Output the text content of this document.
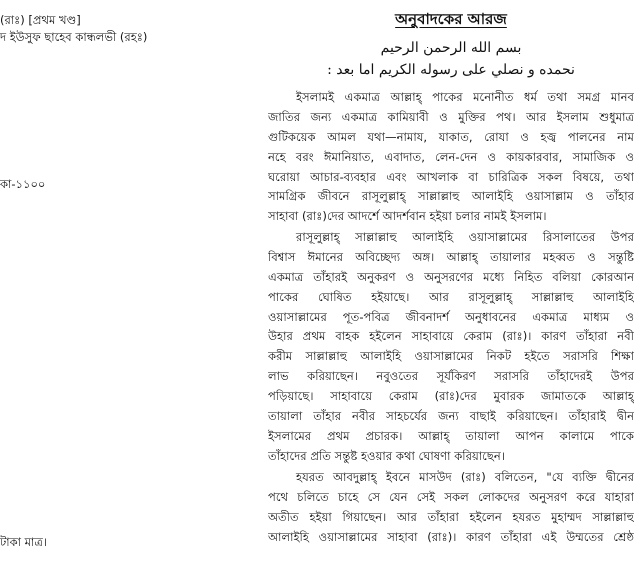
(রাঃ) [প্রথম খণ্ড]
দ ইউসুফ ছাহেব কান্ধলভী (রহঃ)
কা-১১০০
টাকা মাত্র।
অনুবাদকের আরজ
بسم الله الرحمن الرحيم
نحمده و نصلي على رسوله الكريم اما بعد :
ইসলামই একমাত্র আল্লাহ্ পাকের মনোনীত ধর্ম তথা সমগ্র মানব
জাতির জন্য একমাত্র কামিয়াবী ও মুক্তির পথ। আর ইসলাম শুধুমাত্র
গুটিকয়েক আমল যথা—নামায, যাকাত, রোযা ও হজ্ব পালনের নাম
নহে বরং ঈমানিয়াত, এবাদাত, লেন-দেন ও কায়কারবার, সামাজিক ও
ঘরোয়া আচার-ব্যবহার এবং আখলাক বা চারিত্রিক সকল বিষয়ে, তথা
সামগ্রিক জীবনে রাসূলুল্লাহ্ সাল্লাল্লাহু আলাইহি ওয়াসাল্লাম ও তাঁহার
সাহাবা (রাঃ)দের আদর্শে আদর্শবান হইয়া চলার নামই ইসলাম।
রাসূলুল্লাহ্ সাল্লাল্লাহু আলাইহি ওয়াসাল্লামের রিসালাতের উপর
বিশ্বাস ঈমানের অবিচ্ছেদ্য অঙ্গ। আল্লাহ্ তায়ালার মহব্বত ও সন্তুষ্টি
একমাত্র তাঁহারই অনুকরণ ও অনুসরণের মধ্যে নিহিত বলিয়া কোরআন
পাকের ঘোষিত হইয়াছে। আর রাসূলুল্লাহ্ সাল্লাল্লাহু আলাইহি
ওয়াসাল্লামের পূত-পবিত্র জীবনাদর্শ অনুধাবনের একমাত্র মাধ্যম ও
উহার প্রথম বাহক হইলেন সাহাবায়ে কেরাম (রাঃ)। কারণ তাঁহারা নবী
করীম সাল্লাল্লাহু আলাইহি ওয়াসাল্লামের নিকট হইতে সরাসরি শিক্ষা
লাভ করিয়াছেন। নবুওতের সূর্যকিরণ সরাসরি তাঁহাদেরই উপর
পড়িয়াছে। সাহাবায়ে কেরাম (রাঃ)দের মুবারক জামাতকে আল্লাহ্
তায়ালা তাঁহার নবীর সাহচর্যের জন্য বাছাই করিয়াছেন। তাঁহারাই দ্বীন
ইসলামের প্রথম প্রচারক। আল্লাহ্ তায়ালা আপন কালামে পাকে
তাঁহাদের প্রতি সন্তুষ্ট হওয়ার কথা ঘোষণা করিয়াছেন।
হযরত আবদুল্লাহ্ ইবনে মাসউদ (রাঃ) বলিতেন, "যে ব্যক্তি দ্বীনের
পথে চলিতে চাহে সে যেন সেই সকল লোকদের অনুসরণ করে যাহারা
অতীত হইয়া গিয়াছেন। আর তাঁহারা হইলেন হযরত মুহাম্মদ সাল্লাল্লাহু
আলাইহি ওয়াসাল্লামের সাহাবা (রাঃ)। কারণ তাঁহারা এই উম্মতের শ্রেষ্ঠ
